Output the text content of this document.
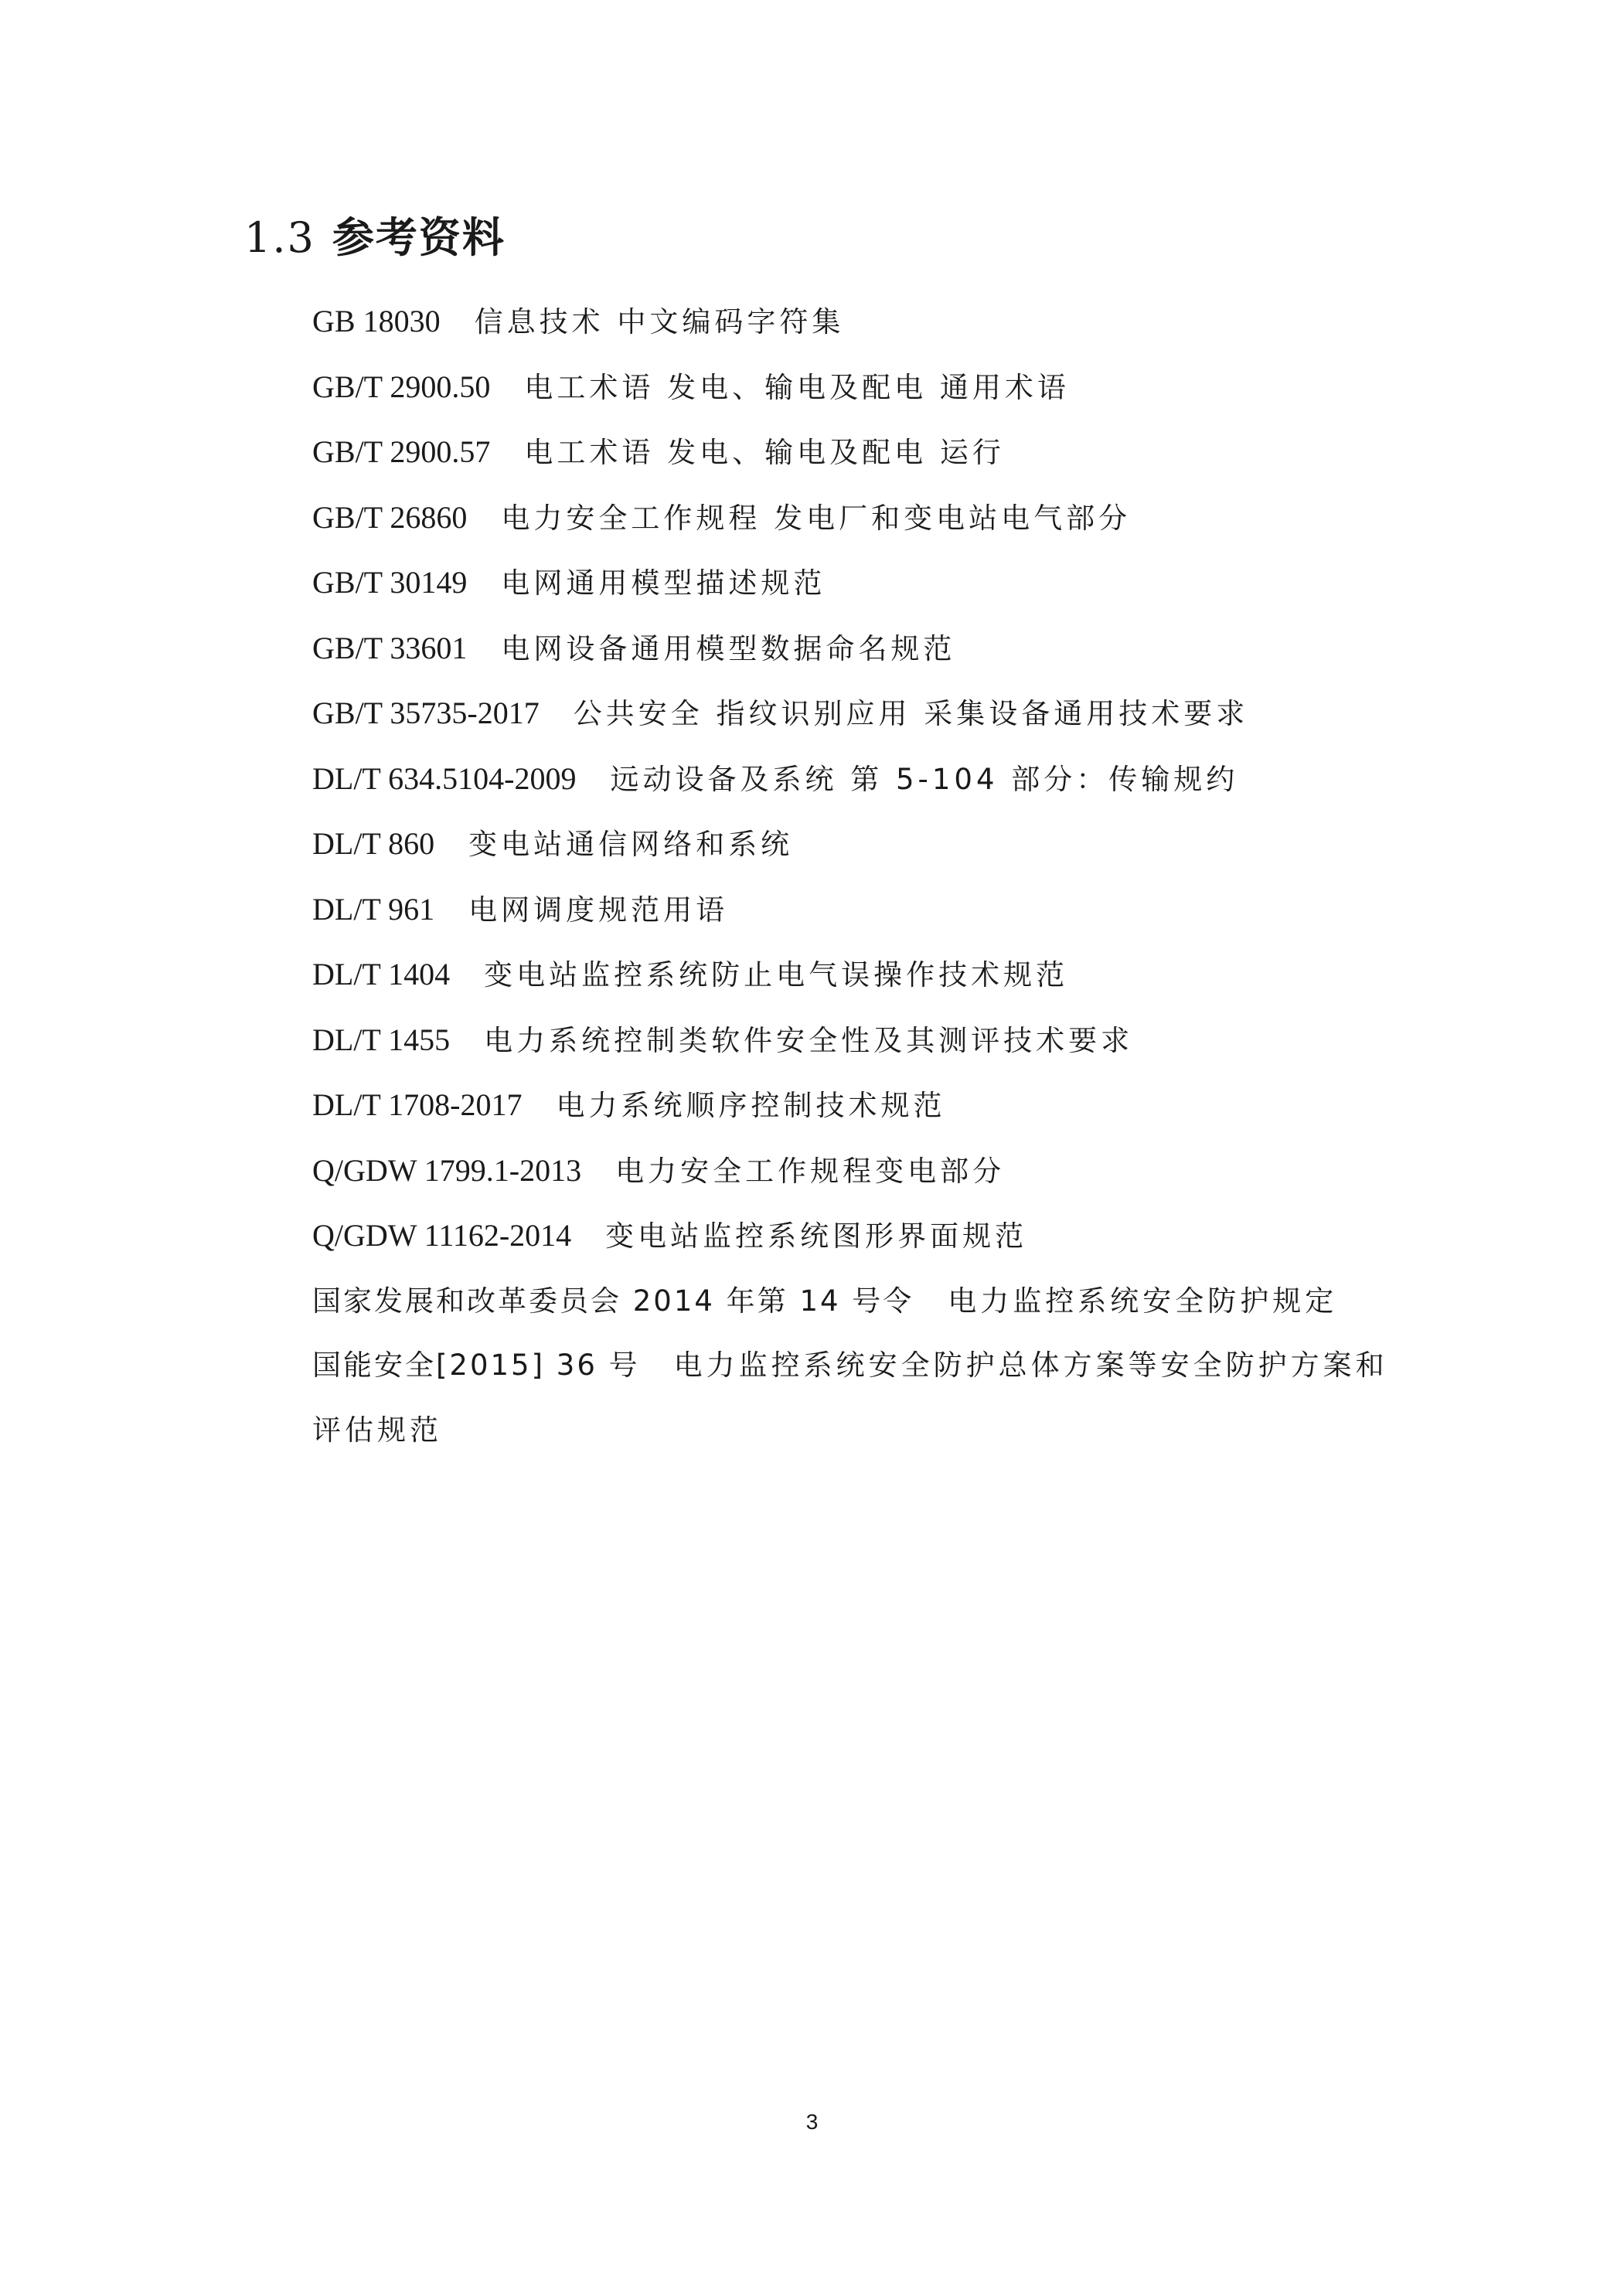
1.3 参考资料
GB 18030 信息技术 中文编码字符集
GB/T 2900.50 电工术语 发电、输电及配电 通用术语
GB/T 2900.57 电工术语 发电、输电及配电 运行
GB/T 26860 电力安全工作规程 发电厂和变电站电气部分
GB/T 30149 电网通用模型描述规范
GB/T 33601 电网设备通用模型数据命名规范
GB/T 35735-2017 公共安全 指纹识别应用 采集设备通用技术要求
DL/T 634.5104-2009 远动设备及系统 第 5-104 部分：传输规约
DL/T 860 变电站通信网络和系统
DL/T 961 电网调度规范用语
DL/T 1404 变电站监控系统防止电气误操作技术规范
DL/T 1455 电力系统控制类软件安全性及其测评技术要求
DL/T 1708-2017 电力系统顺序控制技术规范
Q/GDW 1799.1-2013 电力安全工作规程变电部分
Q/GDW 11162-2014 变电站监控系统图形界面规范
国家发展和改革委员会 2014 年第 14 号令 电力监控系统安全防护规定
国能安全[2015] 36 号 电力监控系统安全防护总体方案等安全防护方案和评估规范
3
